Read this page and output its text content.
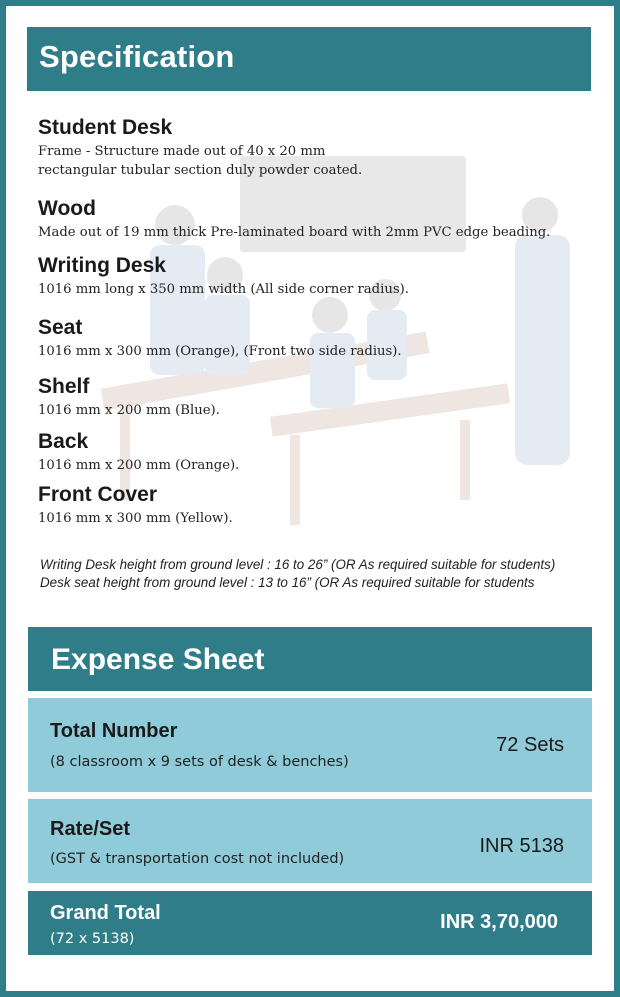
Specification
Student Desk
Frame - Structure made out of 40 x 20 mm rectangular tubular section duly powder coated.
Wood
Made out of 19 mm thick Pre-laminated board with 2mm PVC edge beading.
Writing Desk
1016 mm long x 350 mm width (All side corner radius).
Seat
1016 mm x 300 mm (Orange), (Front two side radius).
Shelf
1016 mm x 200 mm (Blue).
Back
1016 mm x 200 mm (Orange).
Front Cover
1016 mm x 300 mm (Yellow).
Writing Desk height from ground level : 16 to 26” (OR As required suitable for students)
Desk seat height from ground level : 13 to 16” (OR As required suitable for students
Expense Sheet
Total Number
(8 classroom x 9 sets of desk & benches)
72 Sets
Rate/Set
(GST & transportation cost not included)
INR 5138
Grand Total
(72 x 5138)
INR 3,70,000
